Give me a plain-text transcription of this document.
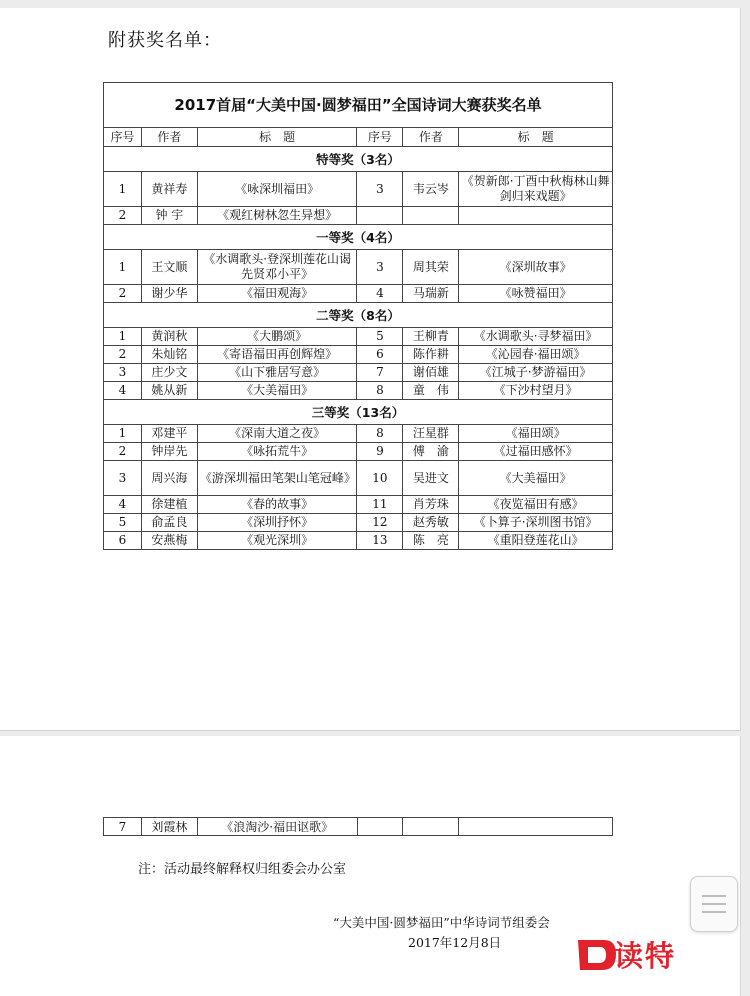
附获奖名单：
2017首届“大美中国·圆梦福田”全国诗词大赛获奖名单					
序号	作者	标　题	序号	作者	标　题
特等奖（3名）					
1	黄祥寿	《咏深圳福田》	3	韦云岑	《贺新郎·丁酉中秋梅林山舞剑归来戏题》
2	钟 宇	《观红树林忽生异想》			
一等奖（4名）					
1	王文顺	《水调歌头·登深圳莲花山谒先贤邓小平》	3	周其荣	《深圳故事》
2	谢少华	《福田观海》	4	马瑞新	《咏赞福田》
二等奖（8名）					
1	黄润秋	《大鹏颂》	5	王柳青	《水调歌头·寻梦福田》
2	朱灿铭	《寄语福田再创辉煌》	6	陈作耕	《沁园春·福田颂》
3	庄少文	《山下雅居写意》	7	谢佰雄	《江城子·梦游福田》
4	姚从新	《大美福田》	8	童　伟	《下沙村望月》
三等奖（13名）					
1	邓建平	《深南大道之夜》	8	汪星群	《福田颂》
2	钟岸先	《咏拓荒牛》	9	傅　渝	《过福田感怀》
3	周兴海	《游深圳福田笔架山笔冠峰》	10	吴进文	《大美福田》
4	徐建植	《春的故事》	11	肖芳珠	《夜览福田有感》
5	俞孟良	《深圳抒怀》	12	赵秀敏	《卜算子·深圳图书馆》
6	安燕梅	《观光深圳》	13	陈　亮	《重阳登莲花山》
7	刘霞林	《浪淘沙·福田讴歌》			
注：活动最终解释权归组委会办公室
“大美中国·圆梦福田”中华诗词节组委会
2017年12月8日	读特
